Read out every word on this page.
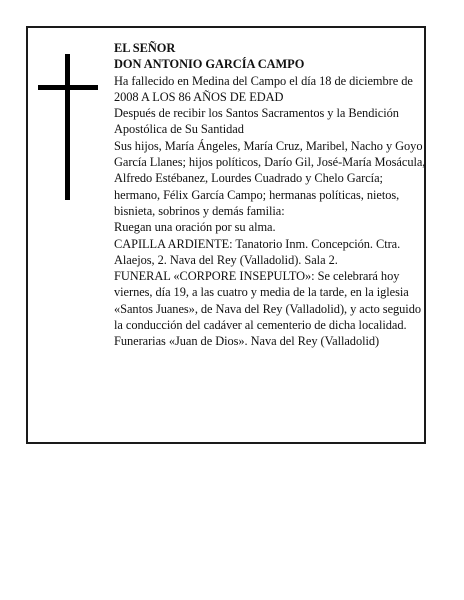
EL SEÑOR

DON ANTONIO GARCÍA CAMPO

Ha fallecido en Medina del Campo el día 18 de diciembre de 2008 A LOS 86 AÑOS DE EDAD

Después de recibir los Santos Sacramentos y la Bendición Apostólica de Su Santidad

Sus hijos, María Ángeles, María Cruz, Maribel, Nacho y Goyo García Llanes; hijos políticos, Darío Gil, José-María Mosácula, Alfredo Estébanez, Lourdes Cuadrado y Chelo García; hermano, Félix García Campo; hermanas políticas, nietos, bisnieta, sobrinos y demás familia:

Ruegan una oración por su alma.

CAPILLA ARDIENTE: Tanatorio Inm. Concepción. Ctra. Alaejos, 2. Nava del Rey (Valladolid). Sala 2.

FUNERAL «CORPORE INSEPULTO»: Se celebrará hoy viernes, día 19, a las cuatro y media de la tarde, en la iglesia «Santos Juanes», de Nava del Rey (Valladolid), y acto seguido la conducción del cadáver al cementerio de dicha localidad.

Funerarias «Juan de Dios». Nava del Rey (Valladolid)
